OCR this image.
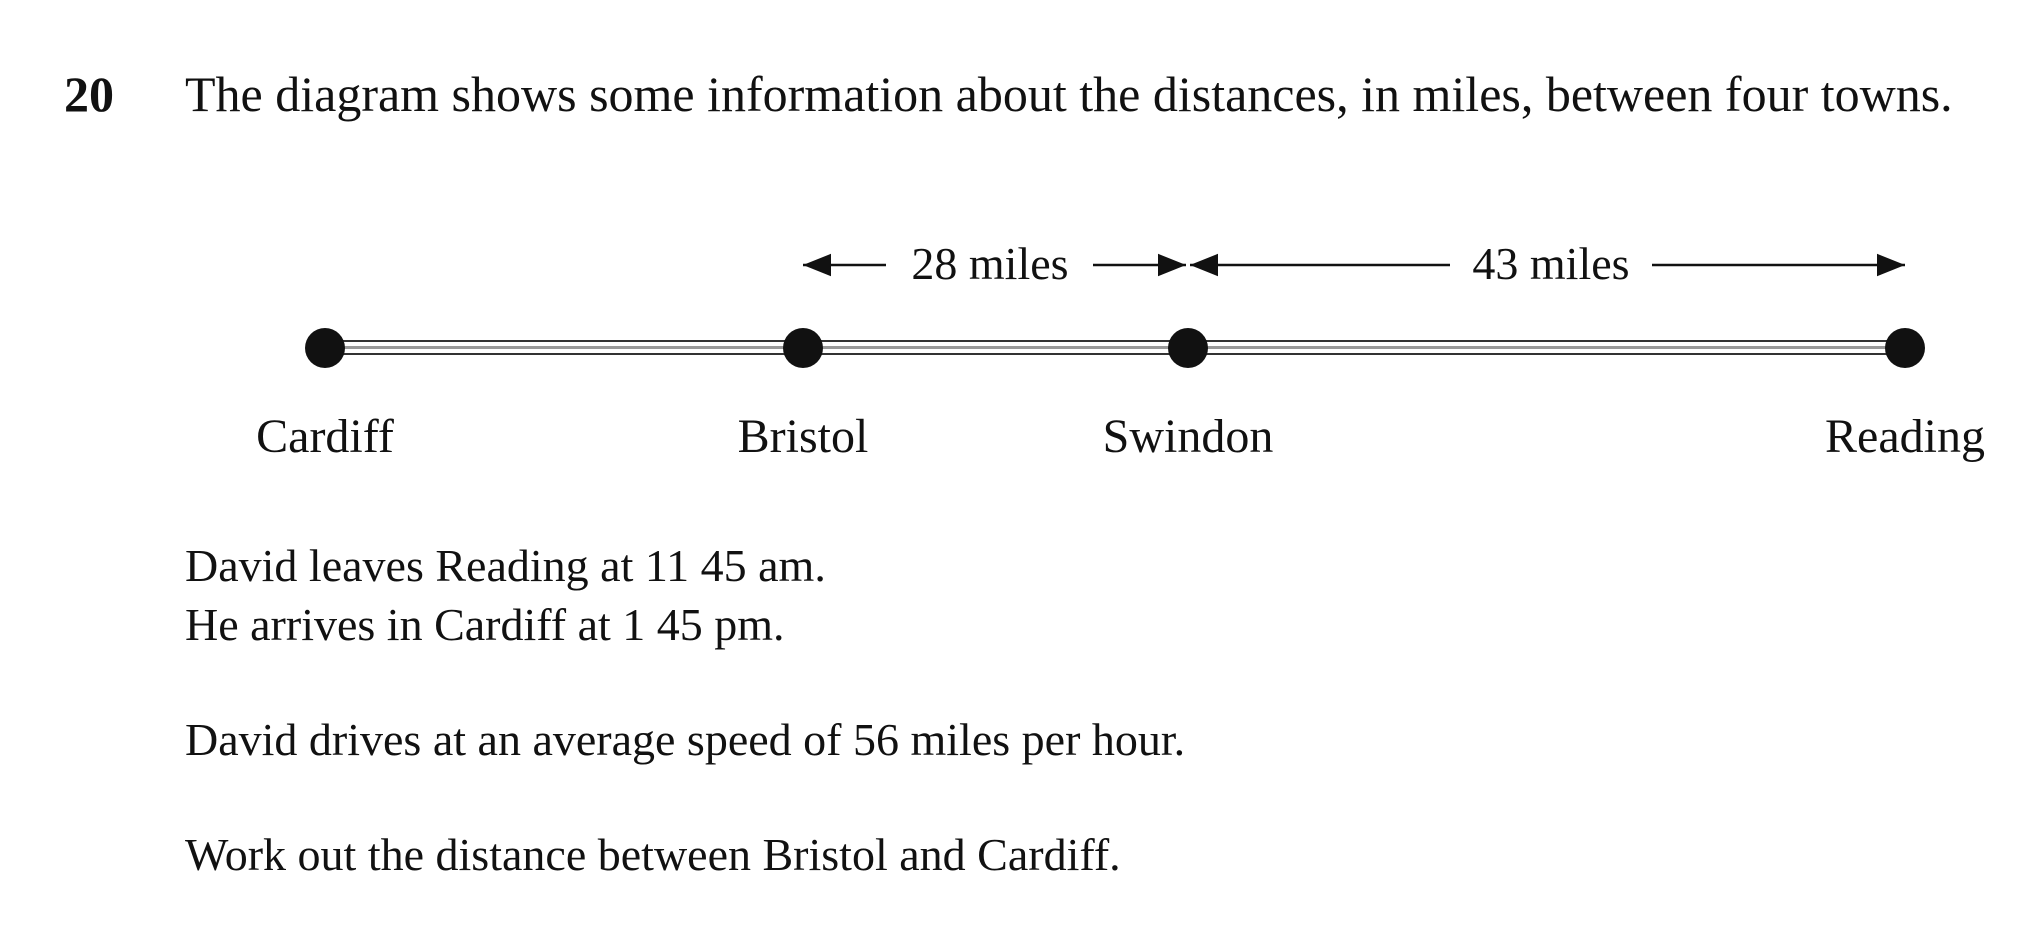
20 The diagram shows some information about the distances, in miles, between four towns.
28 miles	43 miles
Cardiff	Bristol	Swindon	Reading
David leaves Reading at 11 45 am.
He arrives in Cardiff at 1 45 pm.
David drives at an average speed of 56 miles per hour.
Work out the distance between Bristol and Cardiff.
